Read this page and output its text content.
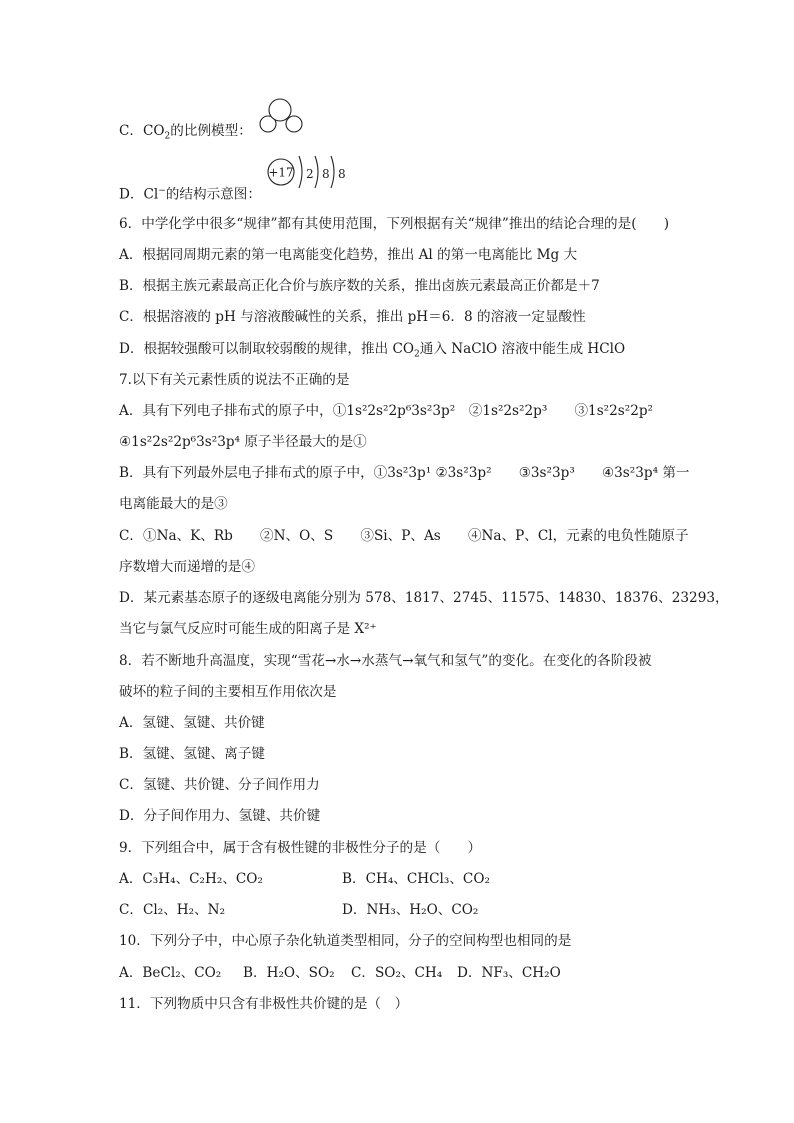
C．$CO_2$的比例模型：
D．Cl−的结构示意图：
+17 2 8 8
6．中学化学中很多“规律”都有其使用范围，下列根据有关“规律”推出的结论合理的是(　　)
A．根据同周期元素的第一电离能变化趋势，推出 Al 的第一电离能比 Mg 大
B．根据主族元素最高正化合价与族序数的关系，推出卤族元素最高正价都是＋7
C．根据溶液的 pH 与溶液酸碱性的关系，推出 pH＝6．8 的溶液一定显酸性
D．根据较强酸可以制取较弱酸的规律，推出 $CO_2$通入 NaClO 溶液中能生成 HClO
7.以下有关元素性质的说法不正确的是
A．具有下列电子排布式的原子中，①1s²2s²2p⁶3s²3p²　②1s²2s²2p³　　③1s²2s²2p²
④1s²2s²2p⁶3s²3p⁴ 原子半径最大的是①
B．具有下列最外层电子排布式的原子中，①3s²3p¹ ②3s²3p²　　③3s²3p³　　④3s²3p⁴ 第一
电离能最大的是③
C．①Na、K、Rb　　②N、O、S　　③Si、P、As　　④Na、P、Cl，元素的电负性随原子
序数增大而递增的是④
D．某元素基态原子的逐级电离能分别为 578、1817、2745、11575、14830、18376、23293，
当它与氯气反应时可能生成的阳离子是 X²⁺
8．若不断地升高温度，实现“雪花→水→水蒸气→氧气和氢气”的变化。在变化的各阶段被
破坏的粒子间的主要相互作用依次是
A．氢键、氢键、共价键
B．氢键、氢键、离子键
C．氢键、共价键、分子间作用力
D．分子间作用力、氢键、共价键
9．下列组合中，属于含有极性键的非极性分子的是（　　）
A．C₃H₄、C₂H₂、CO₂	B．CH₄、CHCl₃、CO₂
C．Cl₂、H₂、N₂	D．NH₃、H₂O、CO₂
10．下列分子中，中心原子杂化轨道类型相同，分子的空间构型也相同的是
A．BeCl₂、CO₂ B．H₂O、SO₂ C．SO₂、CH₄ D．NF₃、CH₂O
11．下列物质中只含有非极性共价键的是（　）
